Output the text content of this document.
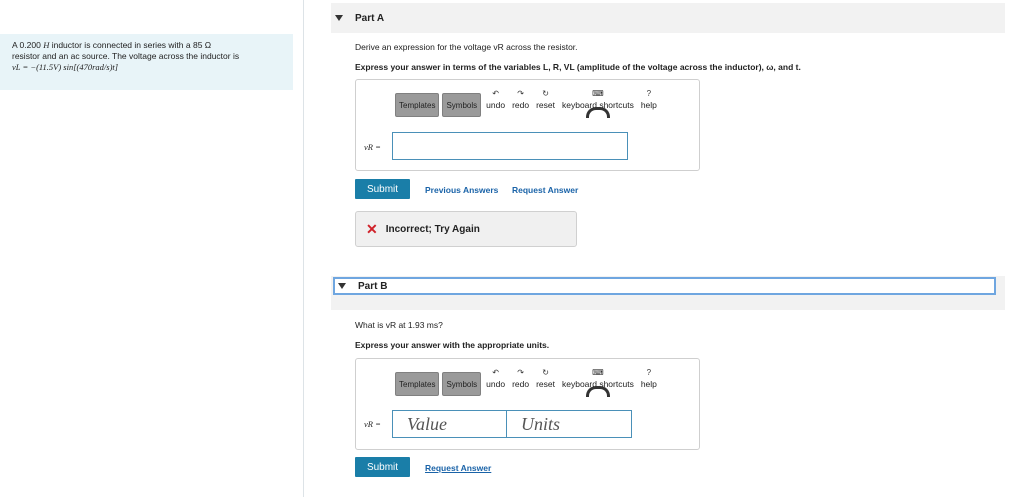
A 0.200 H inductor is connected in series with a 85 Ω
resistor and an ac source. The voltage across the inductor is
vL = −(11.5V) sin[(470rad/s)t]
Part A
Derive an expression for the voltage vR across the resistor.
Express your answer in terms of the variables L, R, VL (amplitude of the voltage across the inductor), ω, and t.
Templates	Symbols
↶
undo
↷
redo
↻
reset
⌨
keyboard shortcuts
?
help
vR =
Submit	Previous Answers Request Answer
✕ Incorrect; Try Again
Part B
What is vR at 1.93 ms?
Express your answer with the appropriate units.
Templates	Symbols
↶
undo
↷
redo
↻
reset
⌨
keyboard shortcuts
?
help
vR =	Value	Units
Submit	Request Answer
